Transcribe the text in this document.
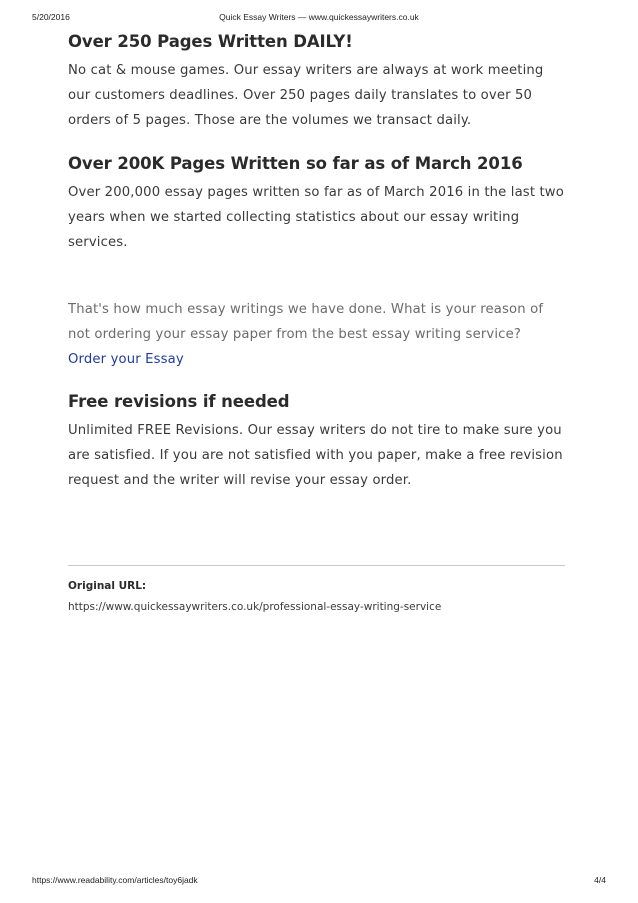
5/20/2016	Quick Essay Writers — www.quickessaywriters.co.uk
Over 250 Pages Written DAILY!

No cat & mouse games. Our essay writers are always at work meeting our customers deadlines. Over 250 pages daily translates to over 50 orders of 5 pages. Those are the volumes we transact daily.

Over 200K Pages Written so far as of March 2016

Over 200,000 essay pages written so far as of March 2016 in the last two years when we started collecting statistics about our essay writing services.

That's how much essay writings we have done. What is your reason of not ordering your essay paper from the best essay writing service?

Order your Essay
Free revisions if needed

Unlimited FREE Revisions. Our essay writers do not tire to make sure you are satisfied. If you are not satisfied with you paper, make a free revision request and the writer will revise your essay order.

Original URL:
https://www.quickessaywriters.co.uk/professional-essay-writing-service
https://www.readability.com/articles/toy6jadk	4/4
